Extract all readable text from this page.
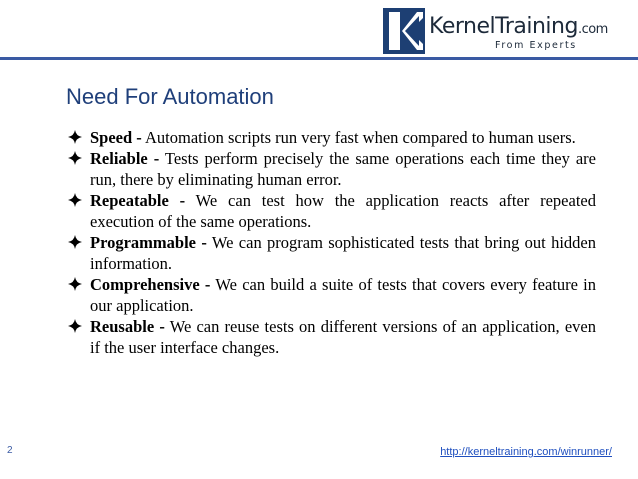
KernelTraining.com
From Experts
Need For Automation
Speed - Automation scripts run very fast when compared to human users.
Reliable - Tests perform precisely the same operations each time they are run, there by eliminating human error.
Repeatable - We can test how the application reacts after repeated execution of the same operations.
Programmable - We can program sophisticated tests that bring out hidden information.
Comprehensive - We can build a suite of tests that covers every feature in our application.
Reusable - We can reuse tests on different versions of an application, even if the user interface changes.
2	http://kerneltraining.com/winrunner/
